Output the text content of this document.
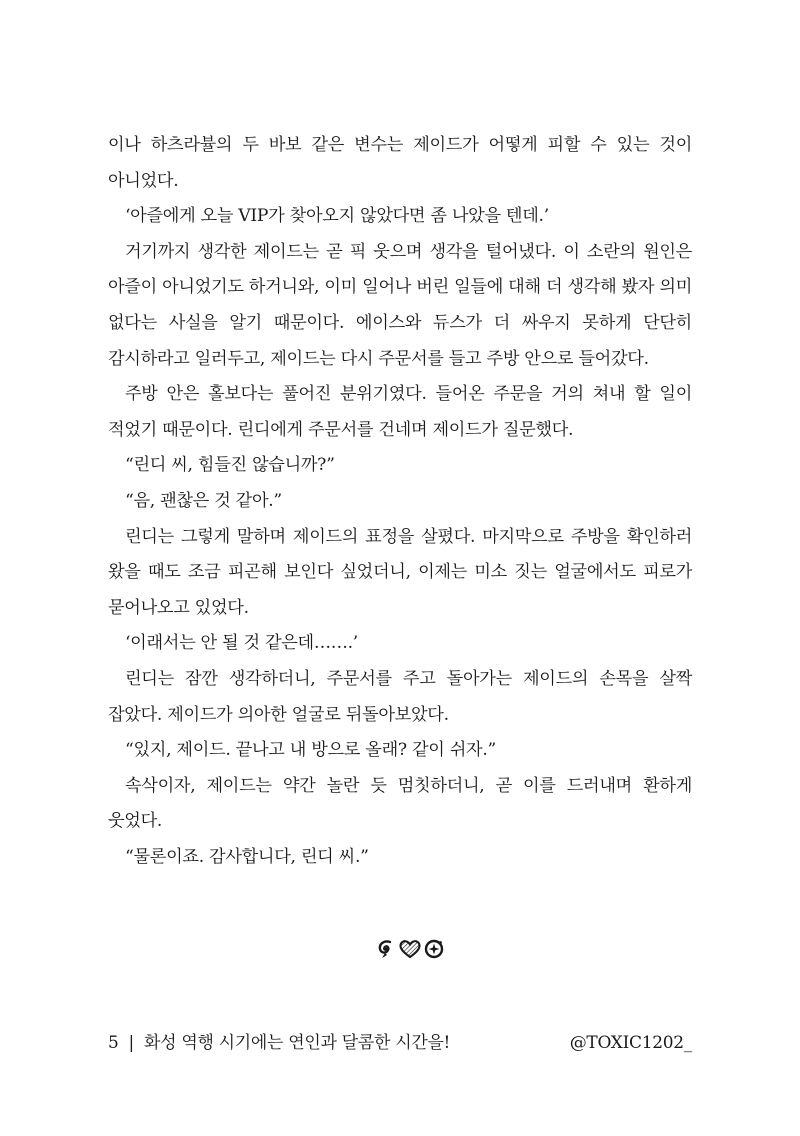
이나 하츠라뷸의 두 바보 같은 변수는 제이드가 어떻게 피할 수 있는 것이 아니었다.

‘아즐에게 오늘 VIP가 찾아오지 않았다면 좀 나았을 텐데.’

거기까지 생각한 제이드는 곧 픽 웃으며 생각을 털어냈다. 이 소란의 원인은 아즐이 아니었기도 하거니와, 이미 일어나 버린 일들에 대해 더 생각해 봤자 의미 없다는 사실을 알기 때문이다. 에이스와 듀스가 더 싸우지 못하게 단단히 감시하라고 일러두고, 제이드는 다시 주문서를 들고 주방 안으로 들어갔다.

주방 안은 홀보다는 풀어진 분위기였다. 들어온 주문을 거의 쳐내 할 일이 적었기 때문이다. 린디에게 주문서를 건네며 제이드가 질문했다.

“린디 씨, 힘들진 않습니까?”

“음, 괜찮은 것 같아.”

린디는 그렇게 말하며 제이드의 표정을 살폈다. 마지막으로 주방을 확인하러 왔을 때도 조금 피곤해 보인다 싶었더니, 이제는 미소 짓는 얼굴에서도 피로가 묻어나오고 있었다.

‘이래서는 안 될 것 같은데…….’

린디는 잠깐 생각하더니, 주문서를 주고 돌아가는 제이드의 손목을 살짝 잡았다. 제이드가 의아한 얼굴로 뒤돌아보았다.

“있지, 제이드. 끝나고 내 방으로 올래? 같이 쉬자.”

속삭이자, 제이드는 약간 놀란 듯 멈칫하더니, 곧 이를 드러내며 환하게 웃었다.

“물론이죠. 감사합니다, 린디 씨.”

5 | 화성 역행 시기에는 연인과 달콤한 시간을!	@TOXIC1202_
